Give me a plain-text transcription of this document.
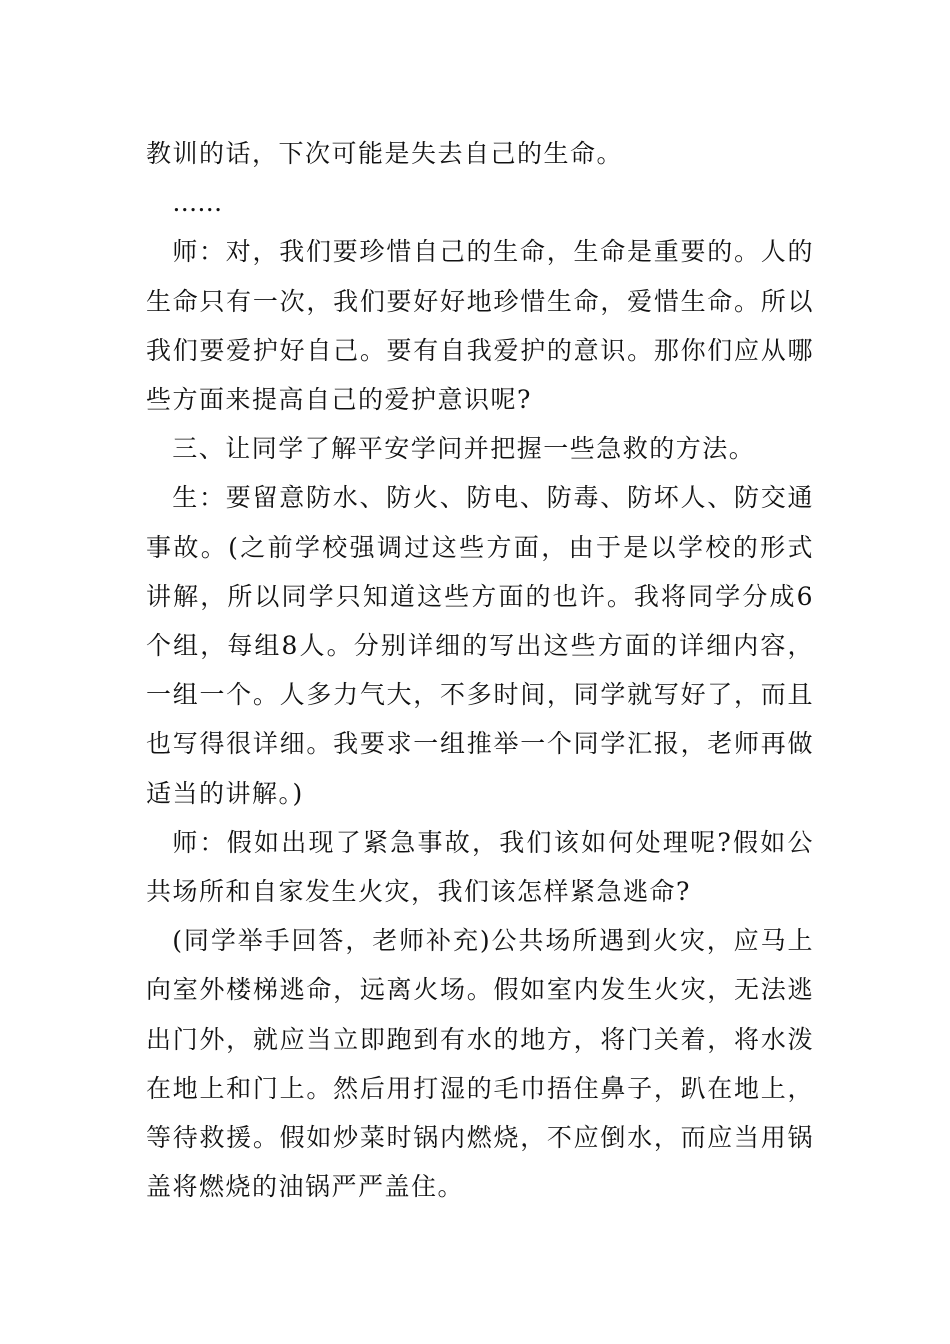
教训的话，下次可能是失去自己的生命。

……

师：对，我们要珍惜自己的生命，生命是重要的。人的生命只有一次，我们要好好地珍惜生命，爱惜生命。所以我们要爱护好自己。要有自我爱护的意识。那你们应从哪些方面来提高自己的爱护意识呢?

三、让同学了解平安学问并把握一些急救的方法。

生：要留意防水、防火、防电、防毒、防坏人、防交通事故。(之前学校强调过这些方面，由于是以学校的形式讲解，所以同学只知道这些方面的也许。我将同学分成6个组，每组8人。分别详细的写出这些方面的详细内容，一组一个。人多力气大，不多时间，同学就写好了，而且也写得很详细。我要求一组推举一个同学汇报，老师再做适当的讲解。)

师：假如出现了紧急事故，我们该如何处理呢?假如公共场所和自家发生火灾，我们该怎样紧急逃命?

(同学举手回答，老师补充)公共场所遇到火灾，应马上向室外楼梯逃命，远离火场。假如室内发生火灾，无法逃出门外，就应当立即跑到有水的地方，将门关着，将水泼在地上和门上。然后用打湿的毛巾捂住鼻子，趴在地上，等待救援。假如炒菜时锅内燃烧，不应倒水，而应当用锅盖将燃烧的油锅严严盖住。
